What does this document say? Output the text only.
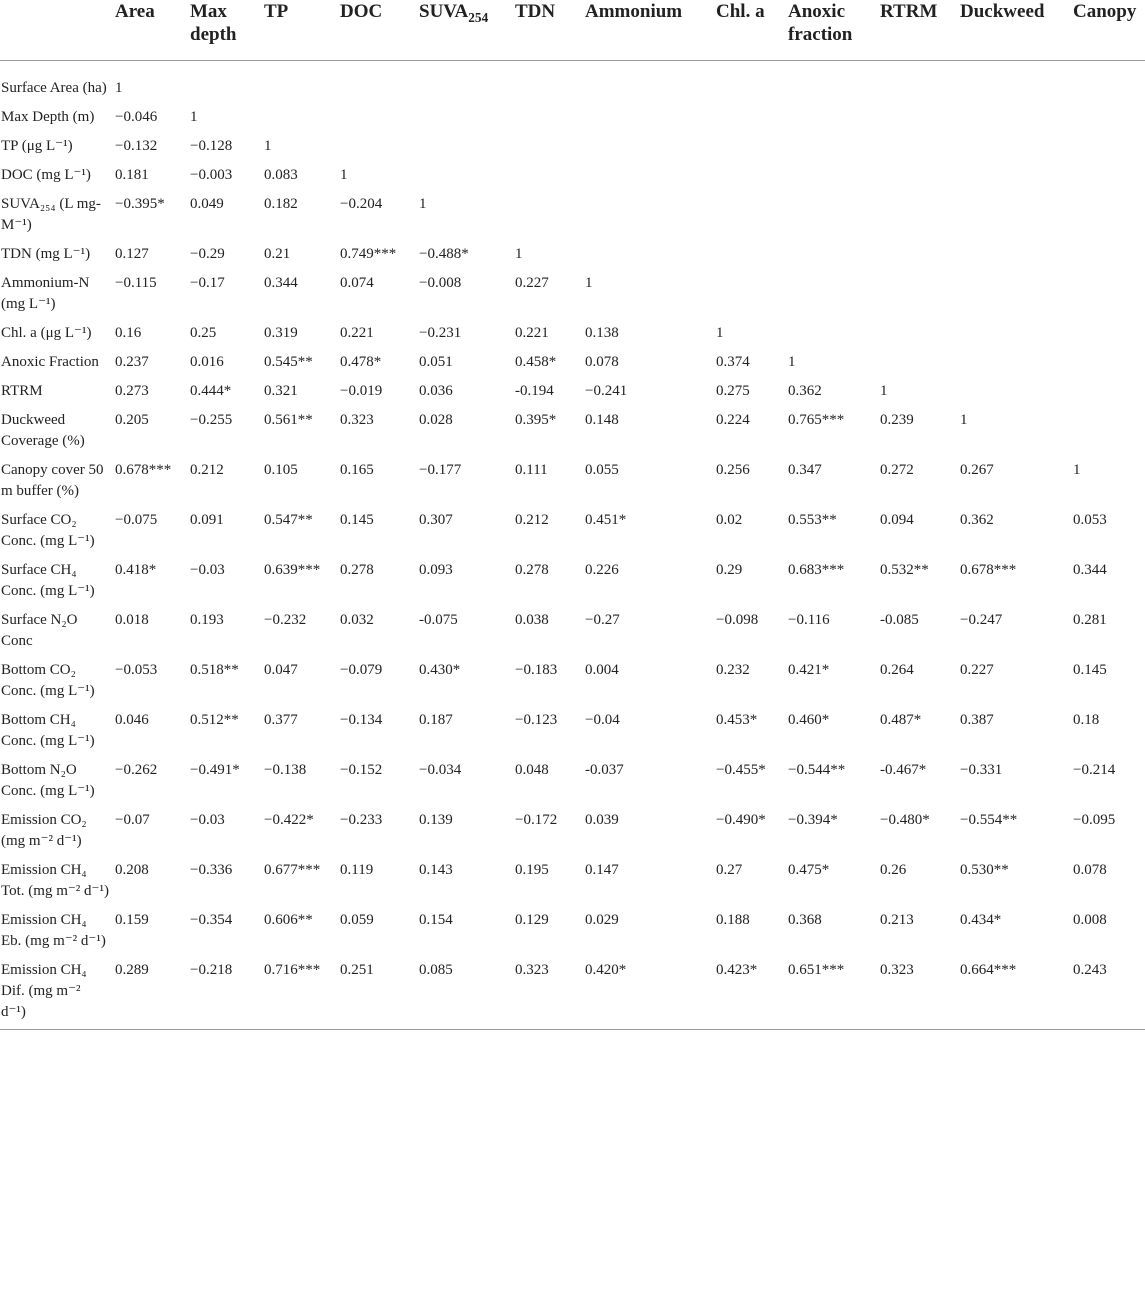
	Area	Max depth	TP	DOC	$SUVA_{254}$	TDN	Ammonium	Chl. a	Anoxic fraction	RTRM	Duckweed	Canopy
Surface Area (ha)	1											
Max Depth (m)	−0.046	1										
TP (μg L⁻¹)	−0.132	−0.128	1									
DOC (mg L⁻¹)	0.181	−0.003	0.083	1								
SUVA₂₅₄ (L mg-M⁻¹)	−0.395*	0.049	0.182	−0.204	1							
TDN (mg L⁻¹)	0.127	−0.29	0.21	0.749***	−0.488*	1						
Ammonium-N (mg L⁻¹)	−0.115	−0.17	0.344	0.074	−0.008	0.227	1					
Chl. a (μg L⁻¹)	0.16	0.25	0.319	0.221	−0.231	0.221	0.138	1				
Anoxic Fraction	0.237	0.016	0.545**	0.478*	0.051	0.458*	0.078	0.374	1			
RTRM	0.273	0.444*	0.321	−0.019	0.036	-0.194	−0.241	0.275	0.362	1		
Duckweed Coverage (%)	0.205	−0.255	0.561**	0.323	0.028	0.395*	0.148	0.224	0.765***	0.239	1	
Canopy cover 50 m buffer (%)	0.678***	0.212	0.105	0.165	−0.177	0.111	0.055	0.256	0.347	0.272	0.267	1
Surface CO₂ Conc. (mg L⁻¹)	−0.075	0.091	0.547**	0.145	0.307	0.212	0.451*	0.02	0.553**	0.094	0.362	0.053
Surface CH₄ Conc. (mg L⁻¹)	0.418*	−0.03	0.639***	0.278	0.093	0.278	0.226	0.29	0.683***	0.532**	0.678***	0.344
Surface N₂O Conc	0.018	0.193	−0.232	0.032	-0.075	0.038	−0.27	−0.098	−0.116	-0.085	−0.247	0.281
Bottom CO₂ Conc. (mg L⁻¹)	−0.053	0.518**	0.047	−0.079	0.430*	−0.183	0.004	0.232	0.421*	0.264	0.227	0.145
Bottom CH₄ Conc. (mg L⁻¹)	0.046	0.512**	0.377	−0.134	0.187	−0.123	−0.04	0.453*	0.460*	0.487*	0.387	0.18
Bottom N₂O Conc. (mg L⁻¹)	−0.262	−0.491*	−0.138	−0.152	−0.034	0.048	-0.037	−0.455*	−0.544**	-0.467*	−0.331	−0.214
Emission CO₂ (mg m⁻² d⁻¹)	−0.07	−0.03	−0.422*	−0.233	0.139	−0.172	0.039	−0.490*	−0.394*	−0.480*	−0.554**	−0.095
Emission CH₄ Tot. (mg m⁻² d⁻¹)	0.208	−0.336	0.677***	0.119	0.143	0.195	0.147	0.27	0.475*	0.26	0.530**	0.078
Emission CH₄ Eb. (mg m⁻² d⁻¹)	0.159	−0.354	0.606**	0.059	0.154	0.129	0.029	0.188	0.368	0.213	0.434*	0.008
Emission CH₄ Dif. (mg m⁻² d⁻¹)	0.289	−0.218	0.716***	0.251	0.085	0.323	0.420*	0.423*	0.651***	0.323	0.664***	0.243
